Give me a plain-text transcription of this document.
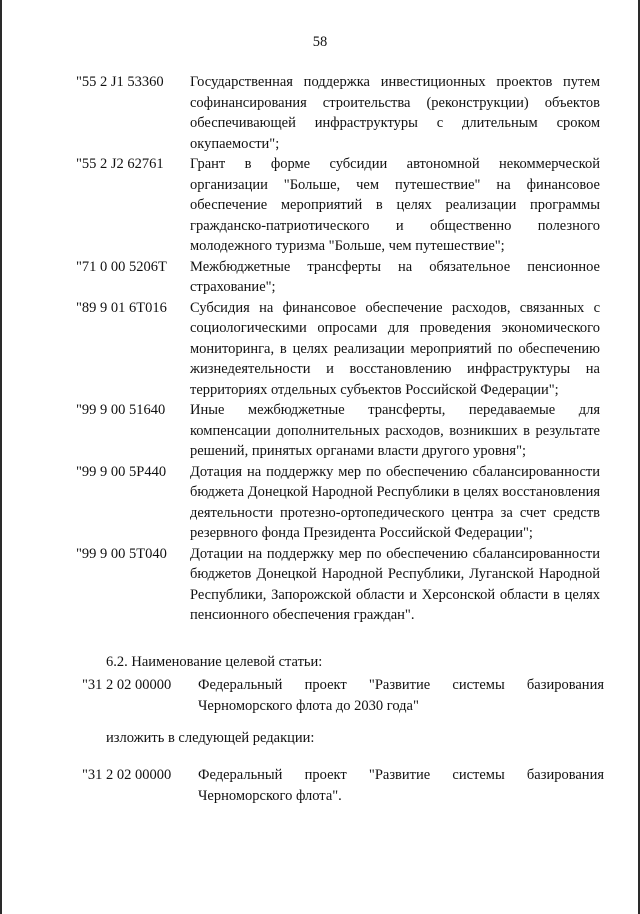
58
"55 2 J1 53360 Государственная поддержка инвестиционных проектов путем софинансирования строительства (реконструкции) объектов обеспечивающей инфраструктуры с длительным сроком окупаемости";
"55 2 J2 62761 Грант в форме субсидии автономной некоммерческой организации "Больше, чем путешествие" на финансовое обеспечение мероприятий в целях реализации программы гражданско-патриотического и общественно полезного молодежного туризма "Больше, чем путешествие";
"71 0 00 5206Т Межбюджетные трансферты на обязательное пенсионное страхование";
"89 9 01 6Т016 Субсидия на финансовое обеспечение расходов, связанных с социологическими опросами для проведения экономического мониторинга, в целях реализации мероприятий по обеспечению жизнедеятельности и восстановлению инфраструктуры на территориях отдельных субъектов Российской Федерации";
"99 9 00 51640 Иные межбюджетные трансферты, передаваемые для компенсации дополнительных расходов, возникших в результате решений, принятых органами власти другого уровня";
"99 9 00 5Р440 Дотация на поддержку мер по обеспечению сбалансированности бюджета Донецкой Народной Республики в целях восстановления деятельности протезно-ортопедического центра за счет средств резервного фонда Президента Российской Федерации";
"99 9 00 5Т040 Дотации на поддержку мер по обеспечению сбалансированности бюджетов Донецкой Народной Республики, Луганской Народной Республики, Запорожской области и Херсонской области в целях пенсионного обеспечения граждан".
6.2. Наименование целевой статьи:
"31 2 02 00000 Федеральный проект "Развитие системы базирования Черноморского флота до 2030 года"
изложить в следующей редакции:
"31 2 02 00000 Федеральный проект "Развитие системы базирования Черноморского флота".
